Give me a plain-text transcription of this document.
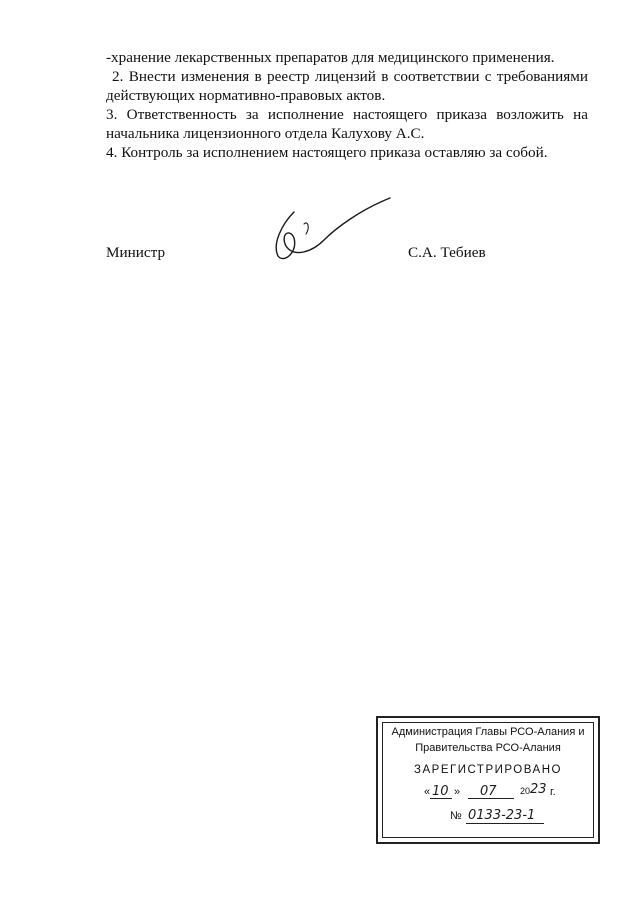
-хранение лекарственных препаратов для медицинского применения.

2. Внести изменения в реестр лицензий в соответствии с требованиями действующих нормативно-правовых актов.

3. Ответственность за исполнение настоящего приказа возложить на начальника лицензионного отдела Калухову А.С.

4. Контроль за исполнением настоящего приказа оставляю за собой.

Министр	С.А. Тебиев
Администрация Главы РСО-Алания и
Правительства РСО-Алания
ЗАРЕГИСТРИРОВАНО
« 10 » 07	20 23 г.
№ 0133-23-1
